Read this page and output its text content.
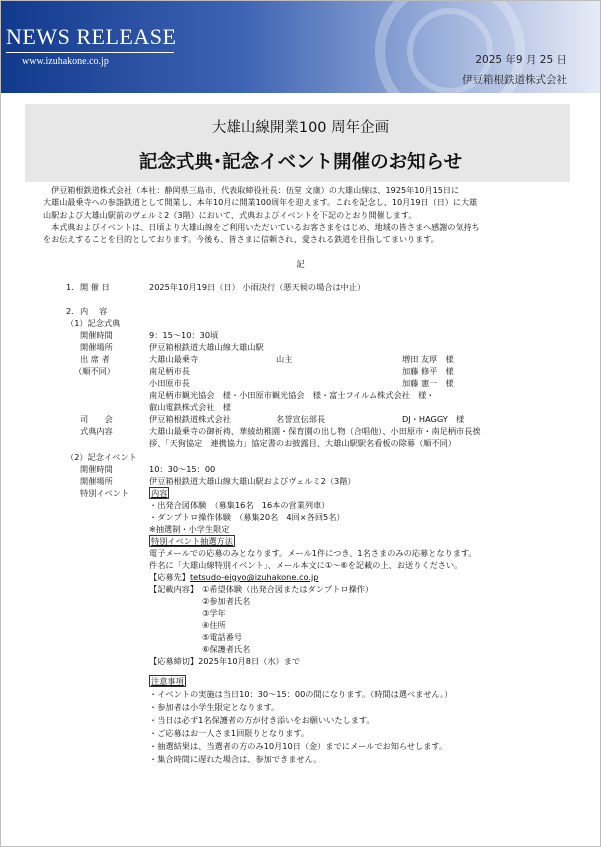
NEWS RELEASE
www.izuhakone.co.jp	2025 年9 月 25 日
伊豆箱根鉄道株式会社
大雄山線開業100 周年企画
記念式典･記念イベント開催のお知らせ

伊豆箱根鉄道株式会社（本社：静岡県三島市、代表取締役社長：伍堂 文康）の大雄山線は、1925年10月15日に

大雄山最乗寺への参詣鉄道として開業し、本年10月に開業100周年を迎えます。これを記念し、10月19日（日）に大雄

山駅および大雄山駅前のヴェルミ2（3階）において、式典およびイベントを下記のとおり開催します。

本式典およびイベントは、日頃より大雄山線をご利用いただいているお客さまをはじめ、地域の皆さまへ感謝の気持ち

をお伝えすることを目的としております。今後も、皆さまに信頼され、愛される鉄道を目指してまいります。

記
1. 開 催 日	2025年10月19日（日） 小雨決行（悪天候の場合は中止）
2. 内　 容
（1）記念式典
開催時間	9：15～10：30頃
開催場所	伊豆箱根鉄道大雄山線大雄山駅
出 席 者
（順不同）
大雄山最乗寺	山主	増田 友厚　様
南足柄市長	加藤 修平　様
小田原市長	加藤 憲一　様
南足柄市観光協会　様・小田原市観光協会　様・富士フイルム株式会社　様・
叡山電鉄株式会社　様
司　　会	伊豆箱根鉄道株式会社	名誉宣伝部長	DJ・HAGGY　様
式典内容	大雄山最乗寺の御祈祷、華綾幼稚園・保育園の出し物（合唱他）、小田原市・南足柄市長挨
拶、「天狗協定　連携協力」協定書のお披露目、大雄山駅駅名看板の除幕（順不同）
（2）記念イベント
開催時間	10：30～15：00
開催場所	伊豆箱根鉄道大雄山線大雄山駅およびヴェルミ2（3階）
特別イベント	内容
・出発合図体験　（募集16名　16本の営業列車）
・ダンプトロ操作体験　（募集20名　4回×各回5名）
※抽選制・小学生限定
特別イベント抽選方法
電子メールでの応募のみとなります。メール1件につき、1名さまのみの応募となります。
件名に「大雄山線特別イベント」、メール本文に①～⑥を記載の上、お送りください。
【応募先】tetsudo-eigyo@izuhakone.co.jp
【記載内容】 ①希望体験（出発合図またはダンプトロ操作）
②参加者氏名
③学年
④住所
⑤電話番号
⑥保護者氏名
【応募締切】2025年10月8日（水）まで
注意事項
・イベントの実施は当日10：30～15：00の間になります。（時間は選べません。）
・参加者は小学生限定となります。
・当日は必ず1名保護者の方が付き添いをお願いいたします。
・ご応募はお一人さま1回限りとなります。
・抽選結果は、当選者の方のみ10月10日（金）までにメールでお知らせします。
・集合時間に遅れた場合は、参加できません。
